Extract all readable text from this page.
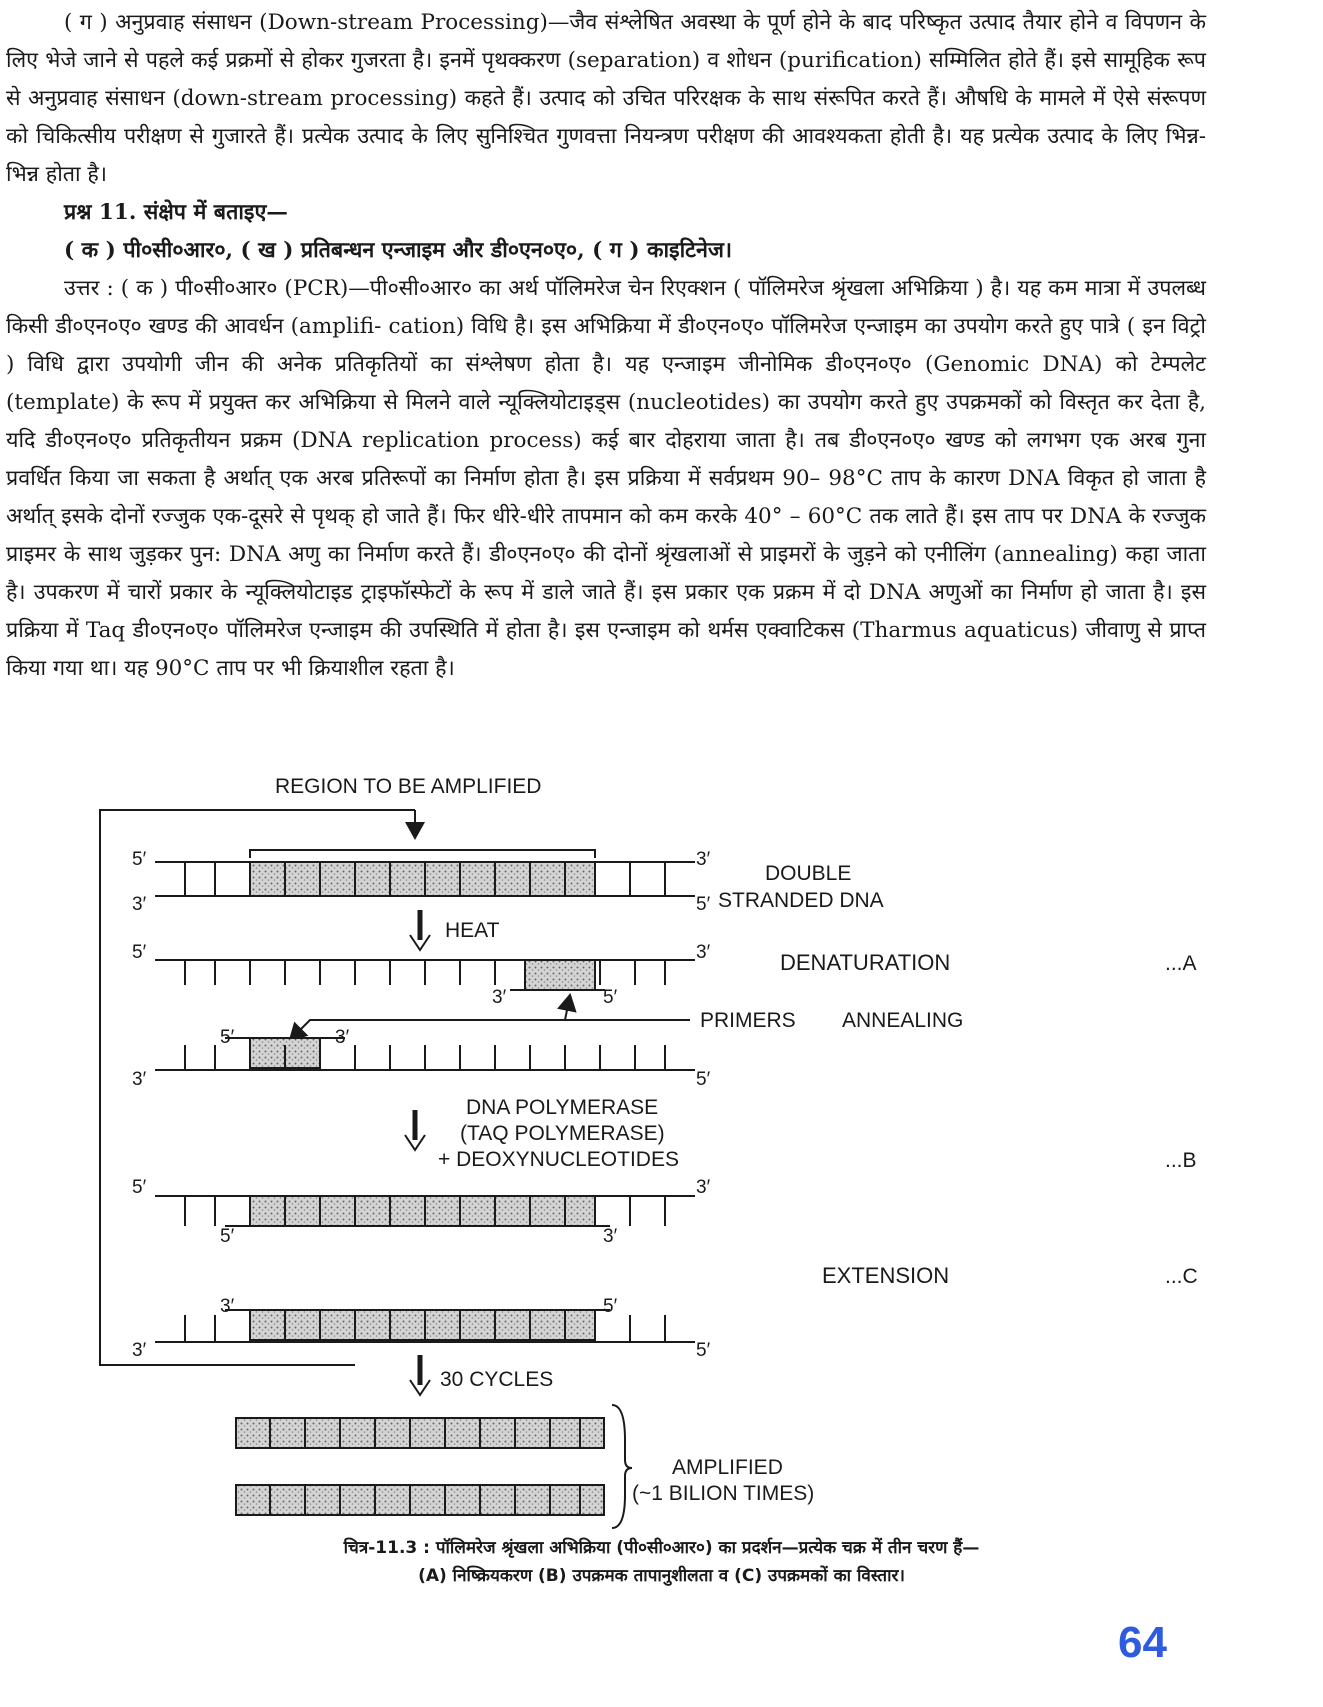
( ग ) अनुप्रवाह संसाधन (Down-stream Processing)—जैव संश्लेषित अवस्था के पूर्ण होने के बाद परिष्कृत उत्पाद तैयार होने व विपणन के लिए भेजे जाने से पहले कई प्रक्रमों से होकर गुजरता है। इनमें पृथक्करण (separation) व शोधन (purification) सम्मिलित होते हैं। इसे सामूहिक रूप से अनुप्रवाह संसाधन (down-stream processing) कहते हैं। उत्पाद को उचित परिरक्षक के साथ संरूपित करते हैं। औषधि के मामले में ऐसे संरूपण को चिकित्सीय परीक्षण से गुजारते हैं। प्रत्येक उत्पाद के लिए सुनिश्चित गुणवत्ता नियन्त्रण परीक्षण की आवश्यकता होती है। यह प्रत्येक उत्पाद के लिए भिन्न-भिन्न होता है।

प्रश्न 11. संक्षेप में बताइए—

( क ) पी०सी०आर०, ( ख ) प्रतिबन्धन एन्जाइम और डी०एन०ए०, ( ग ) काइटिनेज।

उत्तर : ( क ) पी०सी०आर० (PCR)—पी०सी०आर० का अर्थ पॉलिमरेज चेन रिएक्शन ( पॉलिमरेज श्रृंखला अभिक्रिया ) है। यह कम मात्रा में उपलब्ध किसी डी०एन०ए० खण्ड की आवर्धन (amplifi- cation) विधि है। इस अभिक्रिया में डी०एन०ए० पॉलिमरेज एन्जाइम का उपयोग करते हुए पात्रे ( इन विट्रो ) विधि द्वारा उपयोगी जीन की अनेक प्रतिकृतियों का संश्लेषण होता है। यह एन्जाइम जीनोमिक डी०एन०ए० (Genomic DNA) को टेम्पलेट (template) के रूप में प्रयुक्त कर अभिक्रिया से मिलने वाले न्यूक्लियोटाइड्स (nucleotides) का उपयोग करते हुए उपक्रमकों को विस्तृत कर देता है, यदि डी०एन०ए० प्रतिकृतीयन प्रक्रम (DNA replication process) कई बार दोहराया जाता है। तब डी०एन०ए० खण्ड को लगभग एक अरब गुना प्रवर्धित किया जा सकता है अर्थात् एक अरब प्रतिरूपों का निर्माण होता है। इस प्रक्रिया में सर्वप्रथम 90– 98°C ताप के कारण DNA विकृत हो जाता है अर्थात् इसके दोनों रज्जुक एक-दूसरे से पृथक् हो जाते हैं। फिर धीरे-धीरे तापमान को कम करके 40° – 60°C तक लाते हैं। इस ताप पर DNA के रज्जुक प्राइमर के साथ जुड़कर पुन: DNA अणु का निर्माण करते हैं। डी०एन०ए० की दोनों श्रृंखलाओं से प्राइमरों के जुड़ने को एनीलिंग (annealing) कहा जाता है। उपकरण में चारों प्रकार के न्यूक्लियोटाइड ट्राइफॉस्फेटों के रूप में डाले जाते हैं। इस प्रकार एक प्रक्रम में दो DNA अणुओं का निर्माण हो जाता है। इस प्रक्रिया में Taq डी०एन०ए० पॉलिमरेज एन्जाइम की उपस्थिति में होता है। इस एन्जाइम को थर्मस एक्वाटिकस (Tharmus aquaticus) जीवाणु से प्राप्त किया गया था। यह 90°C ताप पर भी क्रियाशील रहता है।

REGION TO BE AMPLIFIED
5′
3′
3′
5′
DOUBLE
STRANDED DNA
HEAT
5′	3′
3′	5′
DENATURATION	...A
PRIMERS ANNEALING
5′	3′
3′	5′
DNA POLYMERASE
(TAQ POLYMERASE)
+ DEOXYNUCLEOTIDES	...B
5′	3′
5′	3′
EXTENSION	...C
3′	5′
3′	5′
30 CYCLES
AMPLIFIED
(~1 BILION TIMES)
चित्र-11.3 : पॉलिमरेज श्रृंखला अभिक्रिया (पी०सी०आर०) का प्रदर्शन—प्रत्येक चक्र में तीन चरण हैं—
(A) निष्क्रियकरण (B) उपक्रमक तापानुशीलता व (C) उपक्रमकों का विस्तार।
64
